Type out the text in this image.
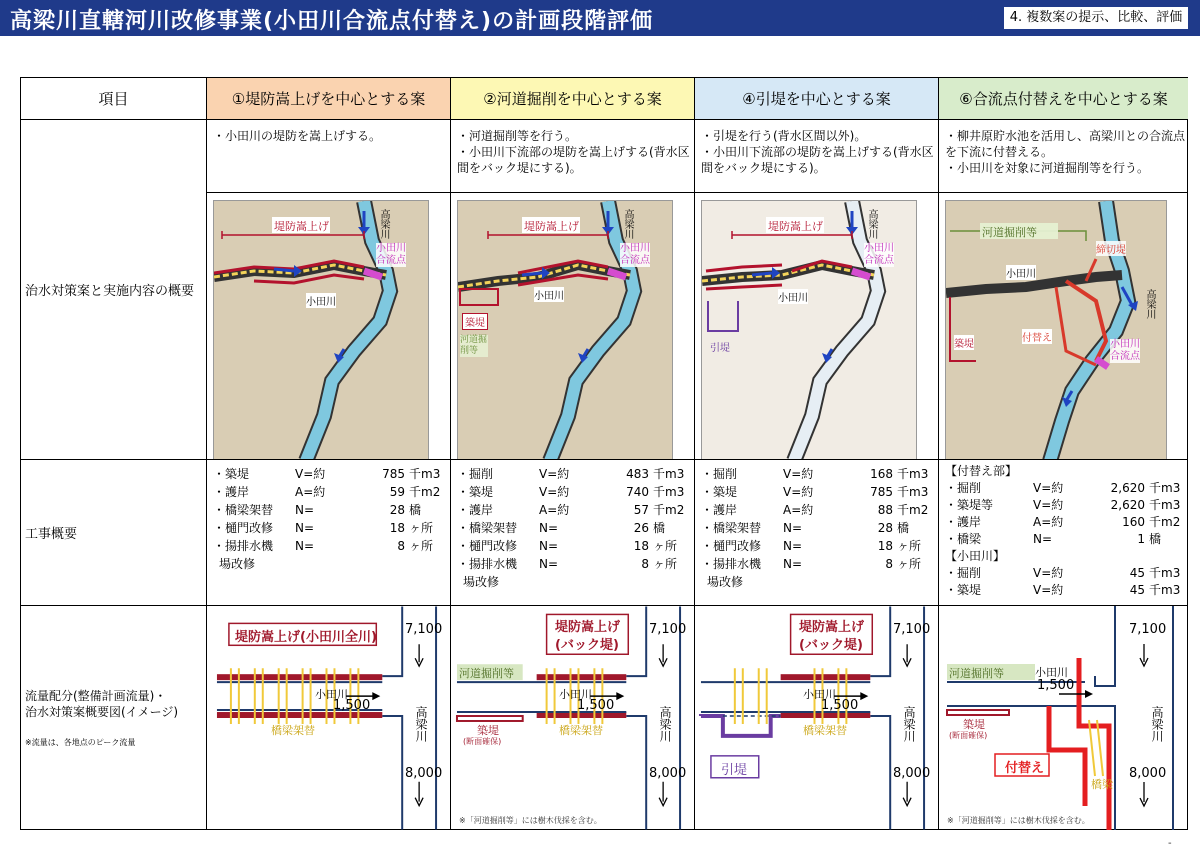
高梁川直轄河川改修事業(小田川合流点付替え)の計画段階評価	4. 複数案の提示、比較、評価
項目	①堤防嵩上げを中心とする案	②河道掘削を中心とする案	④引堤を中心とする案	⑥合流点付替えを中心とする案
治水対策案と実施内容の概要
・小田川の堤防を嵩上げする。
堤防嵩上げ	高梁川
小田川
小田川合流点
・河道掘削等を行う。
・小田川下流部の堤防を嵩上げする(背水区
間をバック堤にする)。
堤防嵩上げ	高梁川
小田川
小田川合流点
築堤
河道掘削等
・引堤を行う(背水区間以外)。
・小田川下流部の堤防を嵩上げする(背水区
間をバック堤にする)。
堤防嵩上げ	高梁川
小田川
小田川合流点
引堤
・柳井原貯水池を活用し、高梁川との合流点
を下流に付替える。
・小田川を対象に河道掘削等を行う。
河道掘削等
締切堤
小田川
高梁川
築堤
付替え
小田川合流点
工事概要
・築堤	V=約	785 千m3
・護岸	A=約	59 千m2
・橋梁架替 N=	28 橋
・樋門改修 N=	18 ヶ所
・揚排水機 N=	8 ヶ所
場改修
・掘削	V=約	483 千m3
・築堤	V=約	740 千m3
・護岸	A=約	57 千m2
・橋梁架替 N=	26 橋
・樋門改修 N=	18 ヶ所
・揚排水機 N=	8 ヶ所
場改修
・掘削	V=約	168 千m3
・築堤	V=約	785 千m3
・護岸	A=約	88 千m2
・橋梁架替 N=	28 橋
・樋門改修 N=	18 ヶ所
・揚排水機 N=	8 ヶ所
場改修
【付替え部】
・掘削	V=約	2,620 千m3
・築堤等	V=約	2,620 千m3
・護岸	A=約	160 千m2
・橋梁	N=	1 橋
【小田川】
・掘削	V=約	45 千m3
・築堤	V=約	45 千m3
流量配分(整備計画流量)・
治水対策案概要図(イメージ)
※流量は、各地点のピーク流量
堤防嵩上げ(小田川全川)
7,100
8,000
小田川
1,500
橋梁架替	高梁川
堤防嵩上げ
(バック堤)
7,100
8,000
小田川
1,500
橋梁架替	高梁川
河道掘削等
築堤
(断面確保)
※「河道掘削等」には樹木伐採を含む。
堤防嵩上げ
(バック堤)
7,100
8,000
小田川
1,500
橋梁架替	高梁川
引堤
7,100
8,000
小田川
1,500
高梁川
河道掘削等
築堤
(断面確保)
付替え
橋梁
※「河道掘削等」には樹木伐採を含む。
-
